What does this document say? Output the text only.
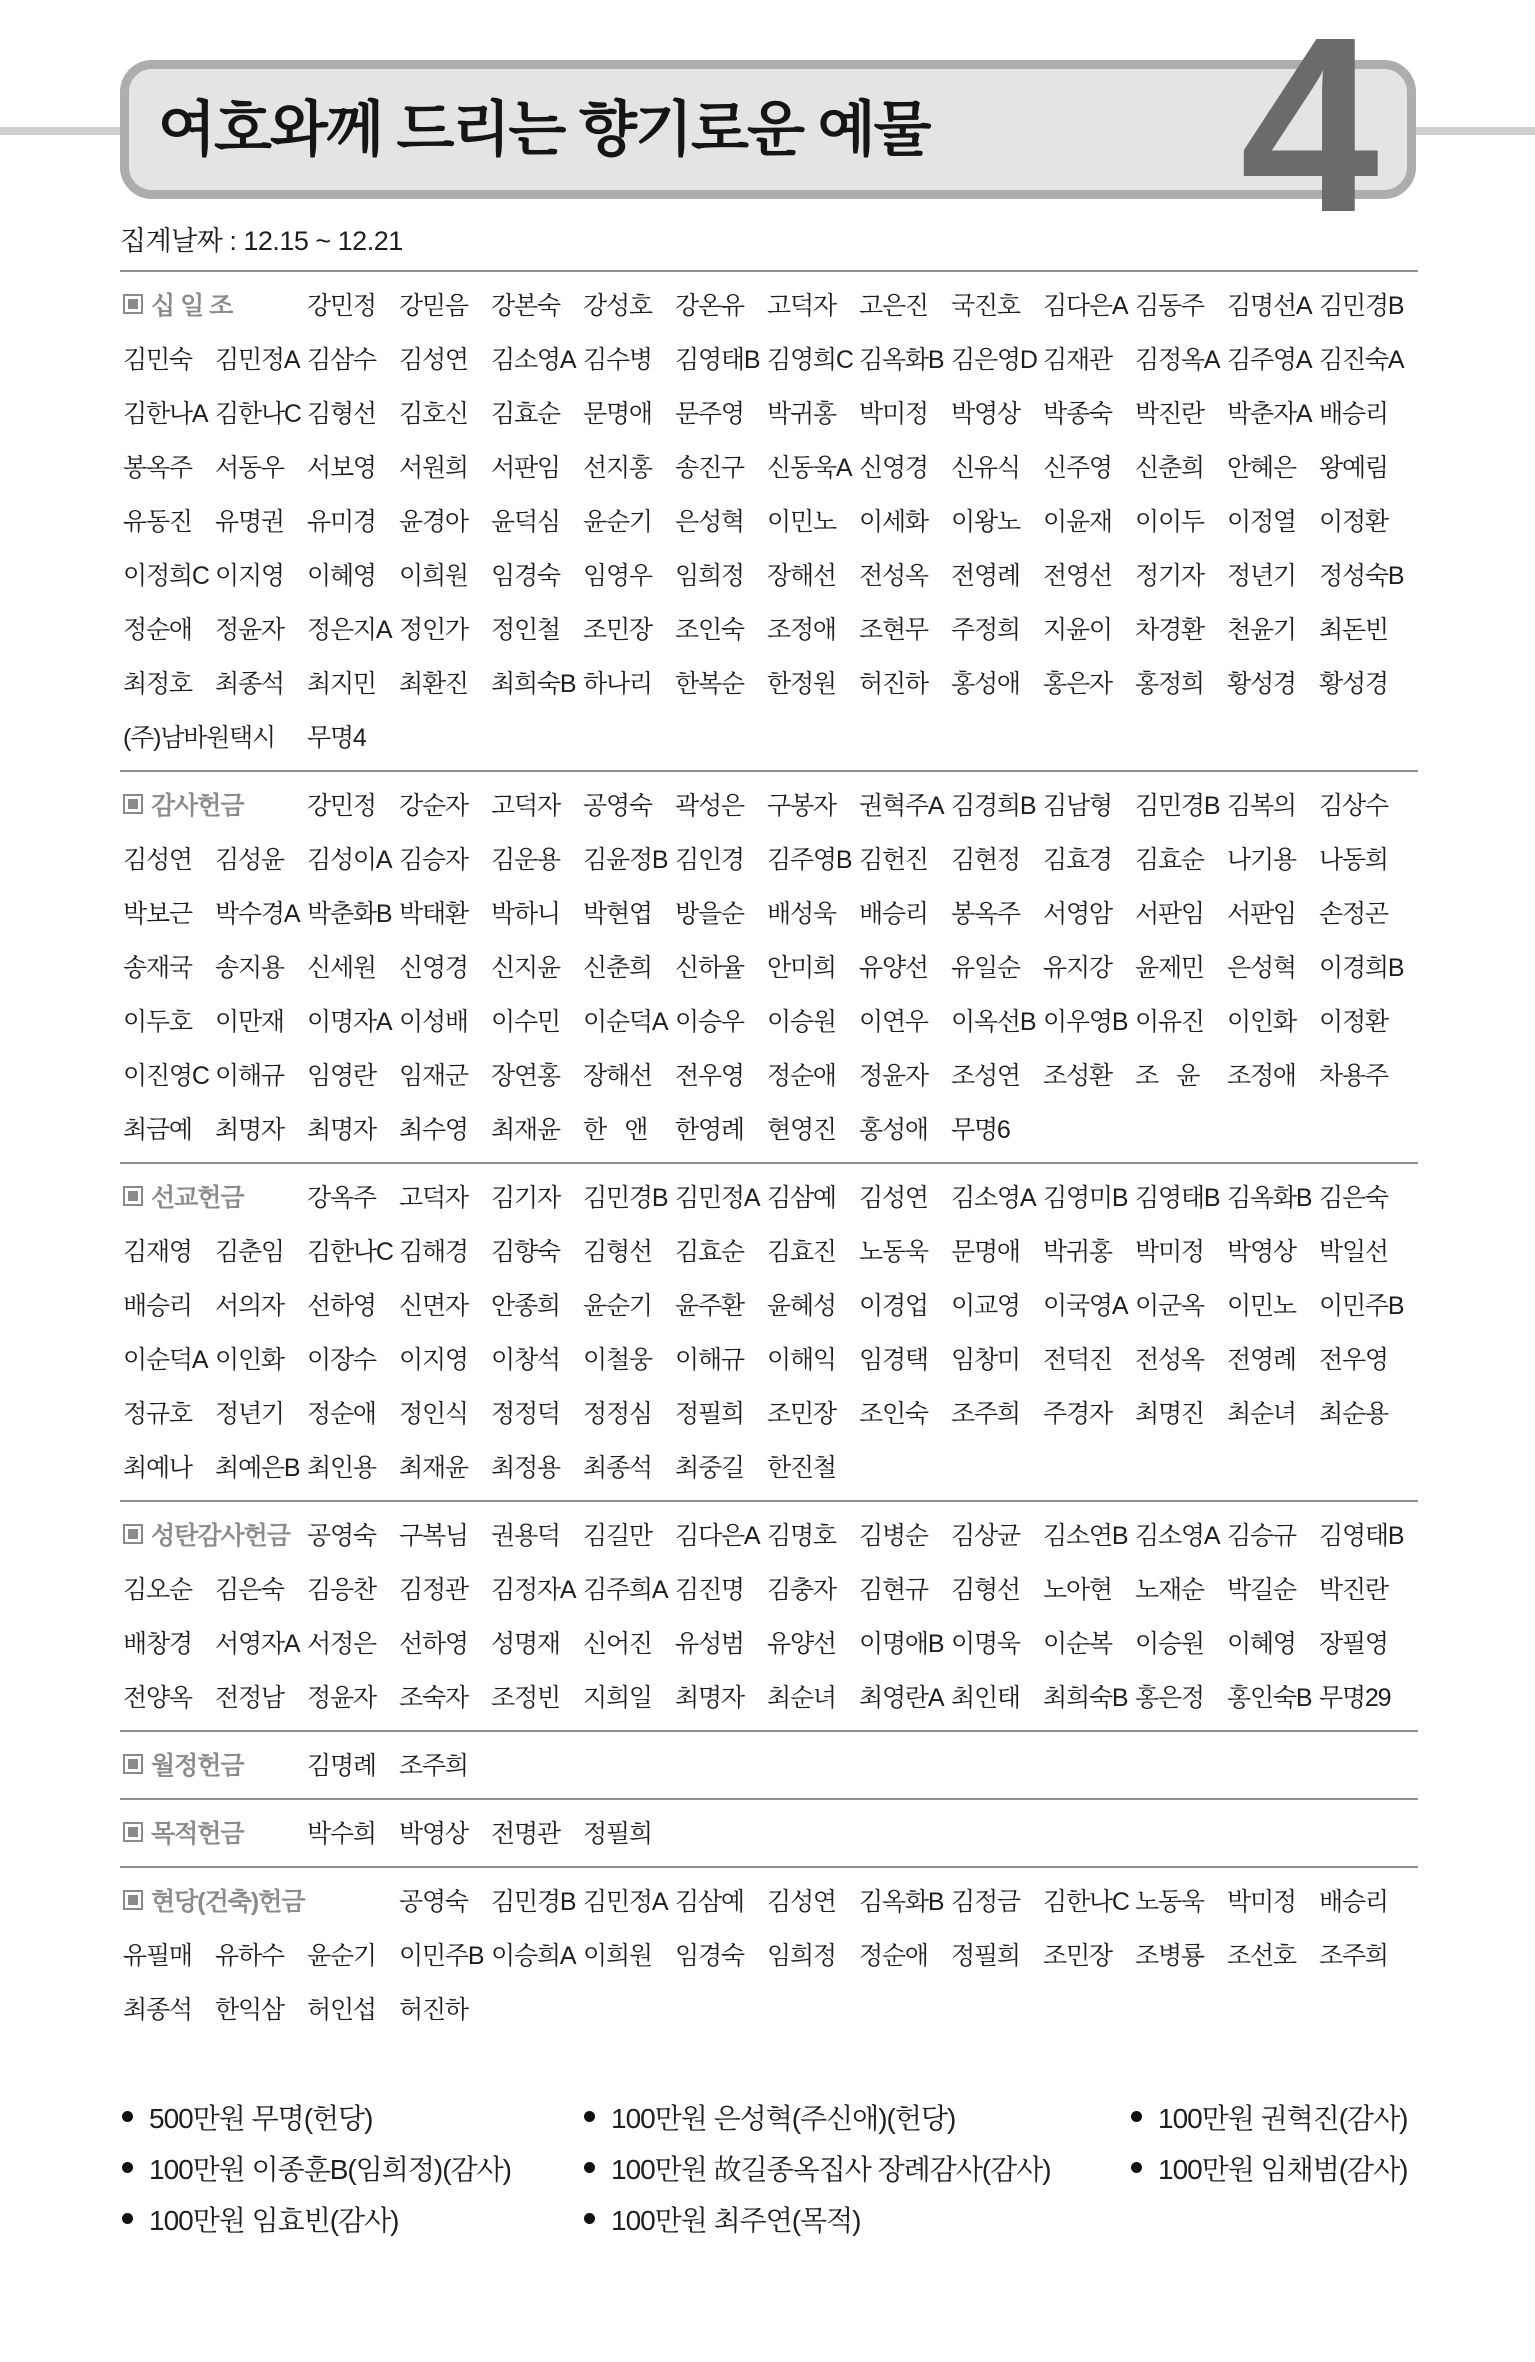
여호와께 드리는 향기로운 예물 4
집계날짜 : 12.15 ~ 12.21
십 일 조	강민정 강믿음 강본숙 강성호 강온유 고덕자 고은진 국진호 김다은A 김동주 김명선A 김민경B
김민숙 김민정A 김삼수 김성연 김소영A 김수병 김영태B 김영희C 김옥화B 김은영D 김재관 김정옥A 김주영A 김진숙A
김한나A 김한나C 김형선 김호신 김효순 문명애 문주영 박귀홍 박미정 박영상 박종숙 박진란 박춘자A 배승리
봉옥주 서동우 서보영 서원희 서판임 선지홍 송진구 신동욱A 신영경 신유식 신주영 신춘희 안혜은 왕예림
유동진 유명권 유미경 윤경아 윤덕심 윤순기 은성혁 이민노 이세화 이왕노 이윤재 이이두 이정열 이정환
이정희C 이지영 이혜영 이희원 임경숙 임영우 임희정 장해선 전성옥 전영례 전영선 정기자 정년기 정성숙B
정순애 정윤자 정은지A 정인가 정인철 조민장 조인숙 조정애 조현무 주정희 지윤이 차경환 천윤기 최돈빈
최정호 최종석 최지민 최환진 최희숙B 하나리 한복순 한정원 허진하 홍성애 홍은자 홍정희 황성경 황성경
(주)남바원택시	무명4
감사헌금	강민정 강순자 고덕자 공영숙 곽성은 구봉자 권혁주A 김경희B 김남형 김민경B 김복의 김상수
김성연 김성윤 김성이A 김승자 김운용 김윤정B 김인경 김주영B 김헌진 김현정 김효경 김효순 나기용 나동희
박보근 박수경A 박춘화B 박태환 박하니 박현엽 방을순 배성욱 배승리 봉옥주 서영암 서판임 서판임 손정곤
송재국 송지용 신세원 신영경 신지윤 신춘희 신하율 안미희 유양선 유일순 유지강 윤제민 은성혁 이경희B
이두호 이만재 이명자A 이성배 이수민 이순덕A 이승우 이승원 이연우 이옥선B 이우영B 이유진 이인화 이정환
이진영C 이해규 임영란 임재군 장연홍 장해선 전우영 정순애 정윤자 조성연 조성환 조 윤	조정애 차용주
최금예 최명자 최명자 최수영 최재윤 한 앤	한영례 현영진 홍성애 무명6
선교헌금	강옥주 고덕자 김기자 김민경B 김민정A 김삼예 김성연 김소영A 김영미B 김영태B 김옥화B 김은숙
김재영 김춘임 김한나C 김해경 김향숙 김형선 김효순 김효진 노동욱 문명애 박귀홍 박미정 박영상 박일선
배승리 서의자 선하영 신면자 안종희 윤순기 윤주환 윤혜성 이경업 이교영 이국영A 이군옥 이민노 이민주B
이순덕A 이인화 이장수 이지영 이창석 이철웅 이해규 이해익 임경택 임창미 전덕진 전성옥 전영례 전우영
정규호 정년기 정순애 정인식 정정덕 정정심 정필희 조민장 조인숙 조주희 주경자 최명진 최순녀 최순용
최예나 최예은B 최인용 최재윤 최정용 최종석 최중길 한진철
성탄감사헌금 공영숙 구복님 권용덕 김길만 김다은A 김명호 김병순 김상균 김소연B 김소영A 김승규 김영태B
김오순 김은숙 김응찬 김정관 김정자A 김주희A 김진명 김충자 김현규 김형선 노아현 노재순 박길순 박진란
배창경 서영자A 서정은 선하영 성명재 신어진 유성범 유양선 이명애B 이명욱 이순복 이승원 이혜영 장필영
전양옥 전정남 정윤자 조숙자 조정빈 지희일 최명자 최순녀 최영란A 최인태 최희숙B 홍은정 홍인숙B 무명29
월정헌금	김명례 조주희
목적헌금	박수희 박영상 전명관 정필희
현당(건축)헌금	공영숙 김민경B 김민정A 김삼예 김성연 김옥화B 김정금 김한나C 노동욱 박미정 배승리
유필매 유하수 윤순기 이민주B 이승희A 이희원 임경숙 임희정 정순애 정필희 조민장 조병룡 조선호 조주희
최종석 한익삼 허인섭 허진하
500만원 무명(헌당)
100만원 이종훈B(임희정)(감사)
100만원 임효빈(감사)
100만원 은성혁(주신애)(헌당)
100만원 故길종옥집사 장례감사(감사)
100만원 최주연(목적)
100만원 권혁진(감사)
100만원 임채범(감사)
